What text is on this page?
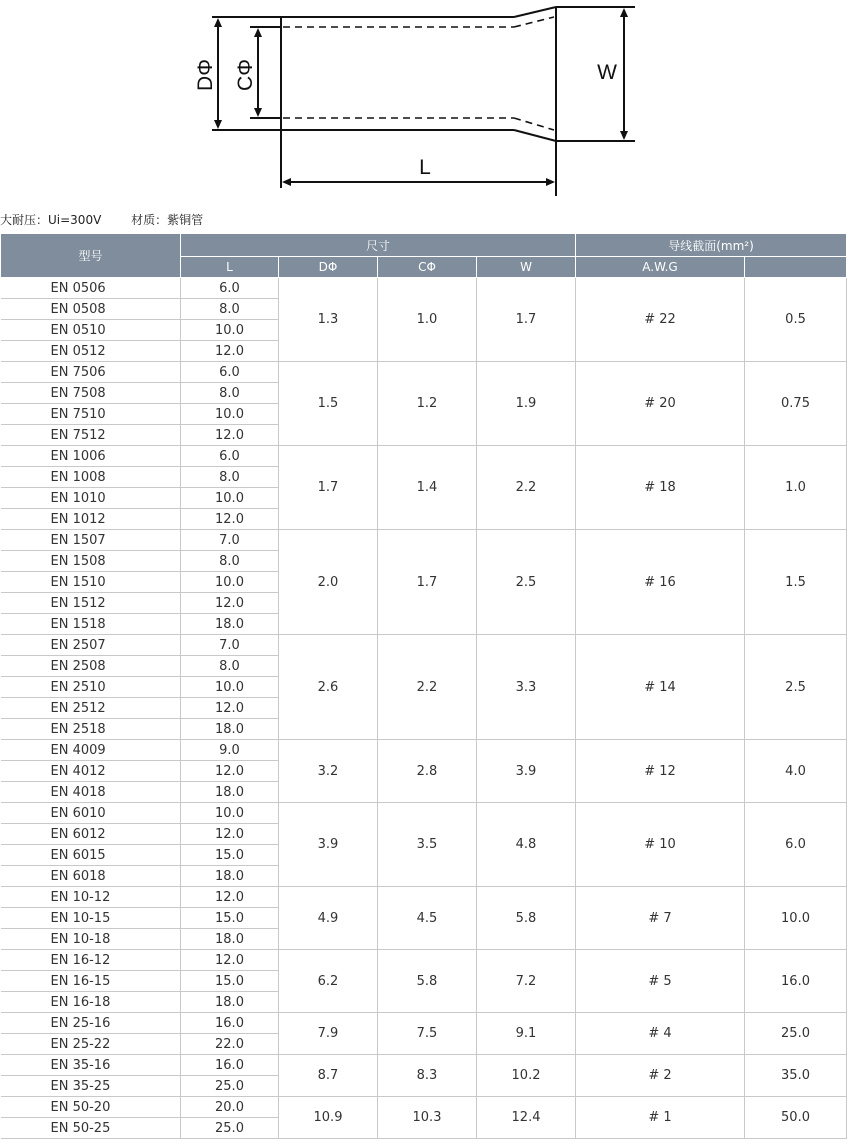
DΦ CΦ	W
L
大耐压：Ui=300V 材质：紫铜管
型号	尺寸				导线截面(mm²)	
	L	DΦ	CΦ	W	A.W.G	
EN 0506	6.0	1.3	1.0	1.7	# 22	0.5
EN 0508	8.0					
EN 0510	10.0					
EN 0512	12.0					
EN 7506	6.0	1.5	1.2	1.9	# 20	0.75
EN 7508	8.0					
EN 7510	10.0					
EN 7512	12.0					
EN 1006	6.0	1.7	1.4	2.2	# 18	1.0
EN 1008	8.0					
EN 1010	10.0					
EN 1012	12.0					
EN 1507	7.0	2.0	1.7	2.5	# 16	1.5
EN 1508	8.0					
EN 1510	10.0					
EN 1512	12.0					
EN 1518	18.0					
EN 2507	7.0	2.6	2.2	3.3	# 14	2.5
EN 2508	8.0					
EN 2510	10.0					
EN 2512	12.0					
EN 2518	18.0					
EN 4009	9.0	3.2	2.8	3.9	# 12	4.0
EN 4012	12.0					
EN 4018	18.0					
EN 6010	10.0	3.9	3.5	4.8	# 10	6.0
EN 6012	12.0					
EN 6015	15.0					
EN 6018	18.0					
EN 10-12	12.0	4.9	4.5	5.8	# 7	10.0
EN 10-15	15.0					
EN 10-18	18.0					
EN 16-12	12.0	6.2	5.8	7.2	# 5	16.0
EN 16-15	15.0					
EN 16-18	18.0					
EN 25-16	16.0	7.9	7.5	9.1	# 4	25.0
EN 25-22	22.0					
EN 35-16	16.0	8.7	8.3	10.2	# 2	35.0
EN 35-25	25.0					
EN 50-20	20.0	10.9	10.3	12.4	# 1	50.0
EN 50-25	25.0					
